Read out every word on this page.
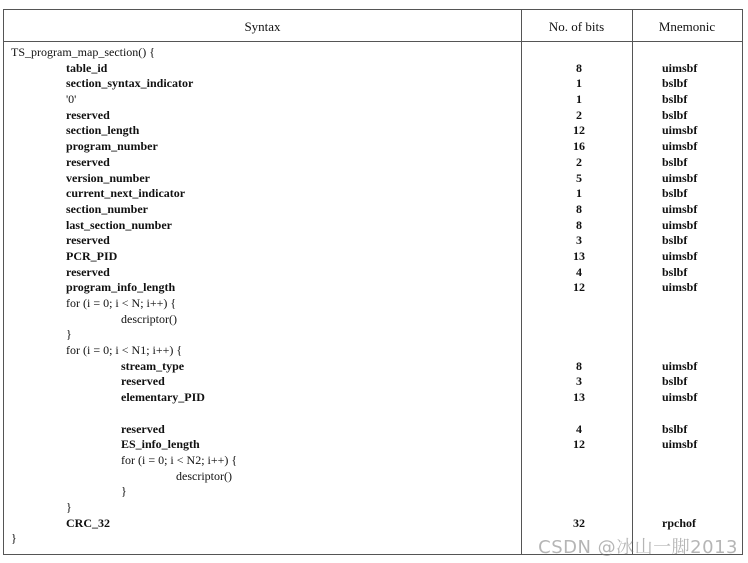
Syntax	No. of bits	Mnemonic
TS_program_map_section() {
table_id	8	uimsbf
section_syntax_indicator	1	bslbf
'0'	1	bslbf
reserved	2	bslbf
section_length	12	uimsbf
program_number	16	uimsbf
reserved	2	bslbf
version_number	5	uimsbf
current_next_indicator	1	bslbf
section_number	8	uimsbf
last_section_number	8	uimsbf
reserved	3	bslbf
PCR_PID	13	uimsbf
reserved	4	bslbf
program_info_length	12	uimsbf
for (i = 0; i < N; i++) {
descriptor()
}
for (i = 0; i < N1; i++) {
stream_type	8	uimsbf
reserved	3	bslbf
elementary_PID	13	uimsbf
reserved	4	bslbf
ES_info_length	12	uimsbf
for (i = 0; i < N2; i++) {
descriptor()
}
}
CRC_32	32	rpchof
}	CSDN @冰山一脚2013
